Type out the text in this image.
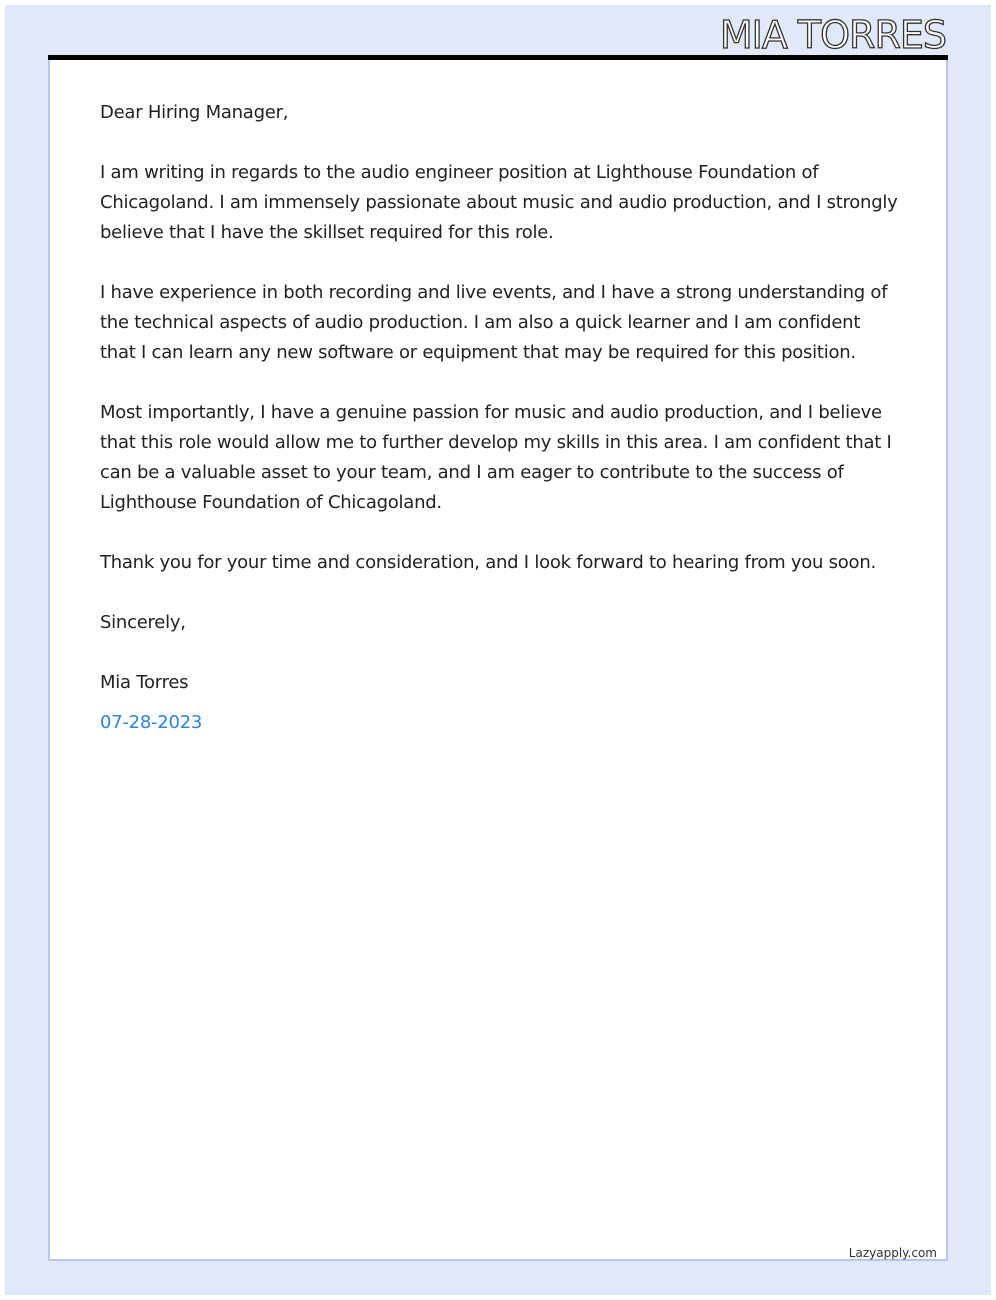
MIA TORRES

Dear Hiring Manager,

I am writing in regards to the audio engineer position at Lighthouse Foundation of Chicagoland. I am immensely passionate about music and audio production, and I strongly believe that I have the skillset required for this role.

I have experience in both recording and live events, and I have a strong understanding of the technical aspects of audio production. I am also a quick learner and I am confident that I can learn any new software or equipment that may be required for this position.

Most importantly, I have a genuine passion for music and audio production, and I believe that this role would allow me to further develop my skills in this area. I am confident that I can be a valuable asset to your team, and I am eager to contribute to the success of Lighthouse Foundation of Chicagoland.

Thank you for your time and consideration, and I look forward to hearing from you soon.

Sincerely,

Mia Torres

07-28-2023

Lazyapply.com
